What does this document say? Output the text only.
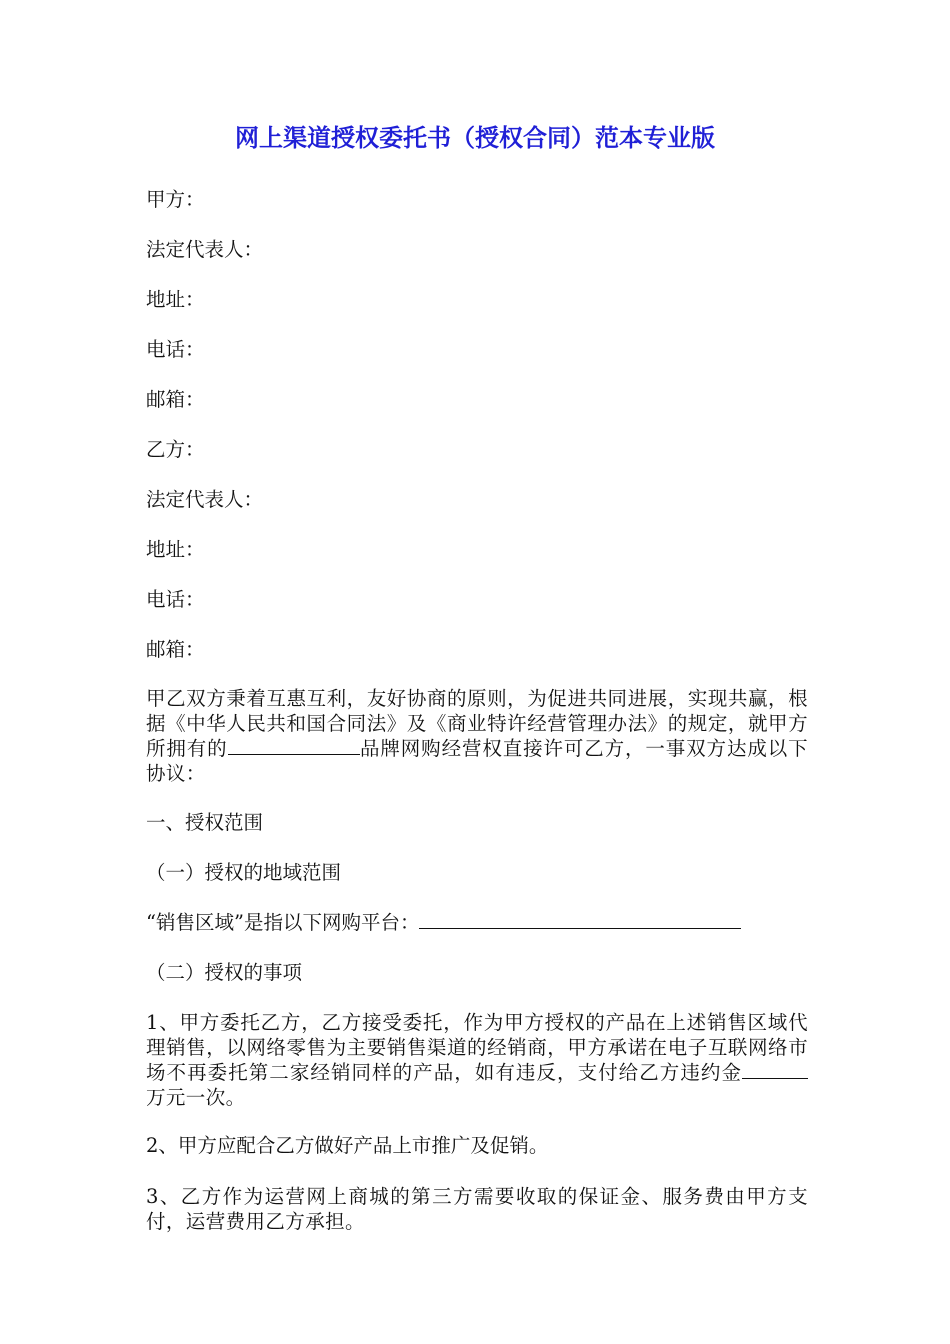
网上渠道授权委托书（授权合同）范本专业版

甲方：

法定代表人：

地址：

电话：

邮箱：

乙方：

法定代表人：

地址：

电话：

邮箱：

甲乙双方秉着互惠互利，友好协商的原则，为促进共同进展，实现共赢，根据《中华人民共和国合同法》及《商业特许经营管理办法》的规定，就甲方所拥有的	品牌网购经营权直接许可乙方，一事双方达成以下协议：

一、授权范围

（一）授权的地域范围

“销售区域”是指以下网购平台：

（二）授权的事项

1、甲方委托乙方，乙方接受委托，作为甲方授权的产品在上述销售区域代理销售，以网络零售为主要销售渠道的经销商，甲方承诺在电子互联网络市场不再委托第二家经销同样的产品，如有违反，支付给乙方违约金万元一次。

2、甲方应配合乙方做好产品上市推广及促销。

3、乙方作为运营网上商城的第三方需要收取的保证金、服务费由甲方支付，运营费用乙方承担。
